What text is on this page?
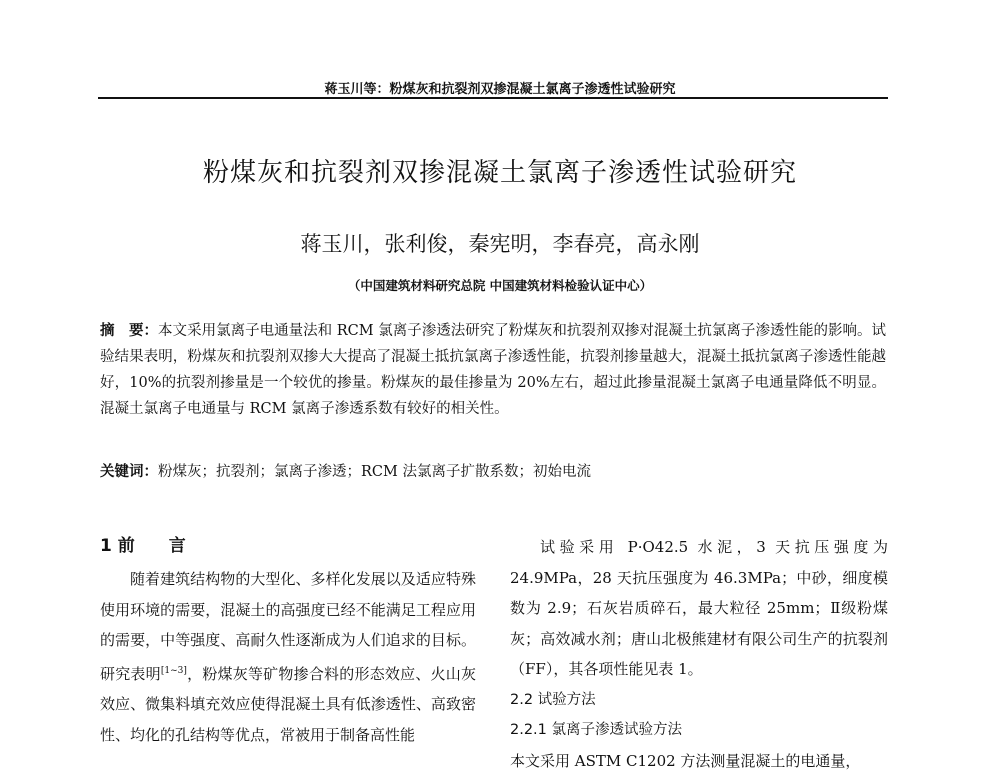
蒋玉川等：粉煤灰和抗裂剂双掺混凝土氯离子渗透性试验研究
粉煤灰和抗裂剂双掺混凝土氯离子渗透性试验研究
蒋玉川，张利俊，秦宪明，李春亮，高永刚
（中国建筑材料研究总院 中国建筑材料检验认证中心）
摘　要：本文采用氯离子电通量法和 RCM 氯离子渗透法研究了粉煤灰和抗裂剂双掺对混凝土抗氯离子渗透性能的影响。试验结果表明，粉煤灰和抗裂剂双掺大大提高了混凝土抵抗氯离子渗透性能，抗裂剂掺量越大，混凝土抵抗氯离子渗透性能越好，10%的抗裂剂掺量是一个较优的掺量。粉煤灰的最佳掺量为 20%左右，超过此掺量混凝土氯离子电通量降低不明显。混凝土氯离子电通量与 RCM 氯离子渗透系数有较好的相关性。
关键词：粉煤灰；抗裂剂；氯离子渗透；RCM 法氯离子扩散系数；初始电流
1 前　　言

随着建筑结构物的大型化、多样化发展以及适应特殊使用环境的需要，混凝土的高强度已经不能满足工程应用的需要，中等强度、高耐久性逐渐成为人们追求的目标。研究表明[1~3]，粉煤灰等矿物掺合料的形态效应、火山灰效应、微集料填充效应使得混凝土具有低渗透性、高致密性、均化的孔结构等优点，常被用于制备高性能

试验采用 P·O42.5 水泥，3 天抗压强度为 24.9MPa，28 天抗压强度为 46.3MPa；中砂，细度模数为 2.9；石灰岩质碎石，最大粒径 25mm；Ⅱ级粉煤灰；高效减水剂；唐山北极熊建材有限公司生产的抗裂剂（FF），其各项性能见表 1。

2.2 试验方法
2.2.1 氯离子渗透试验方法

本文采用 ASTM C1202 方法测量混凝土的电通量，
